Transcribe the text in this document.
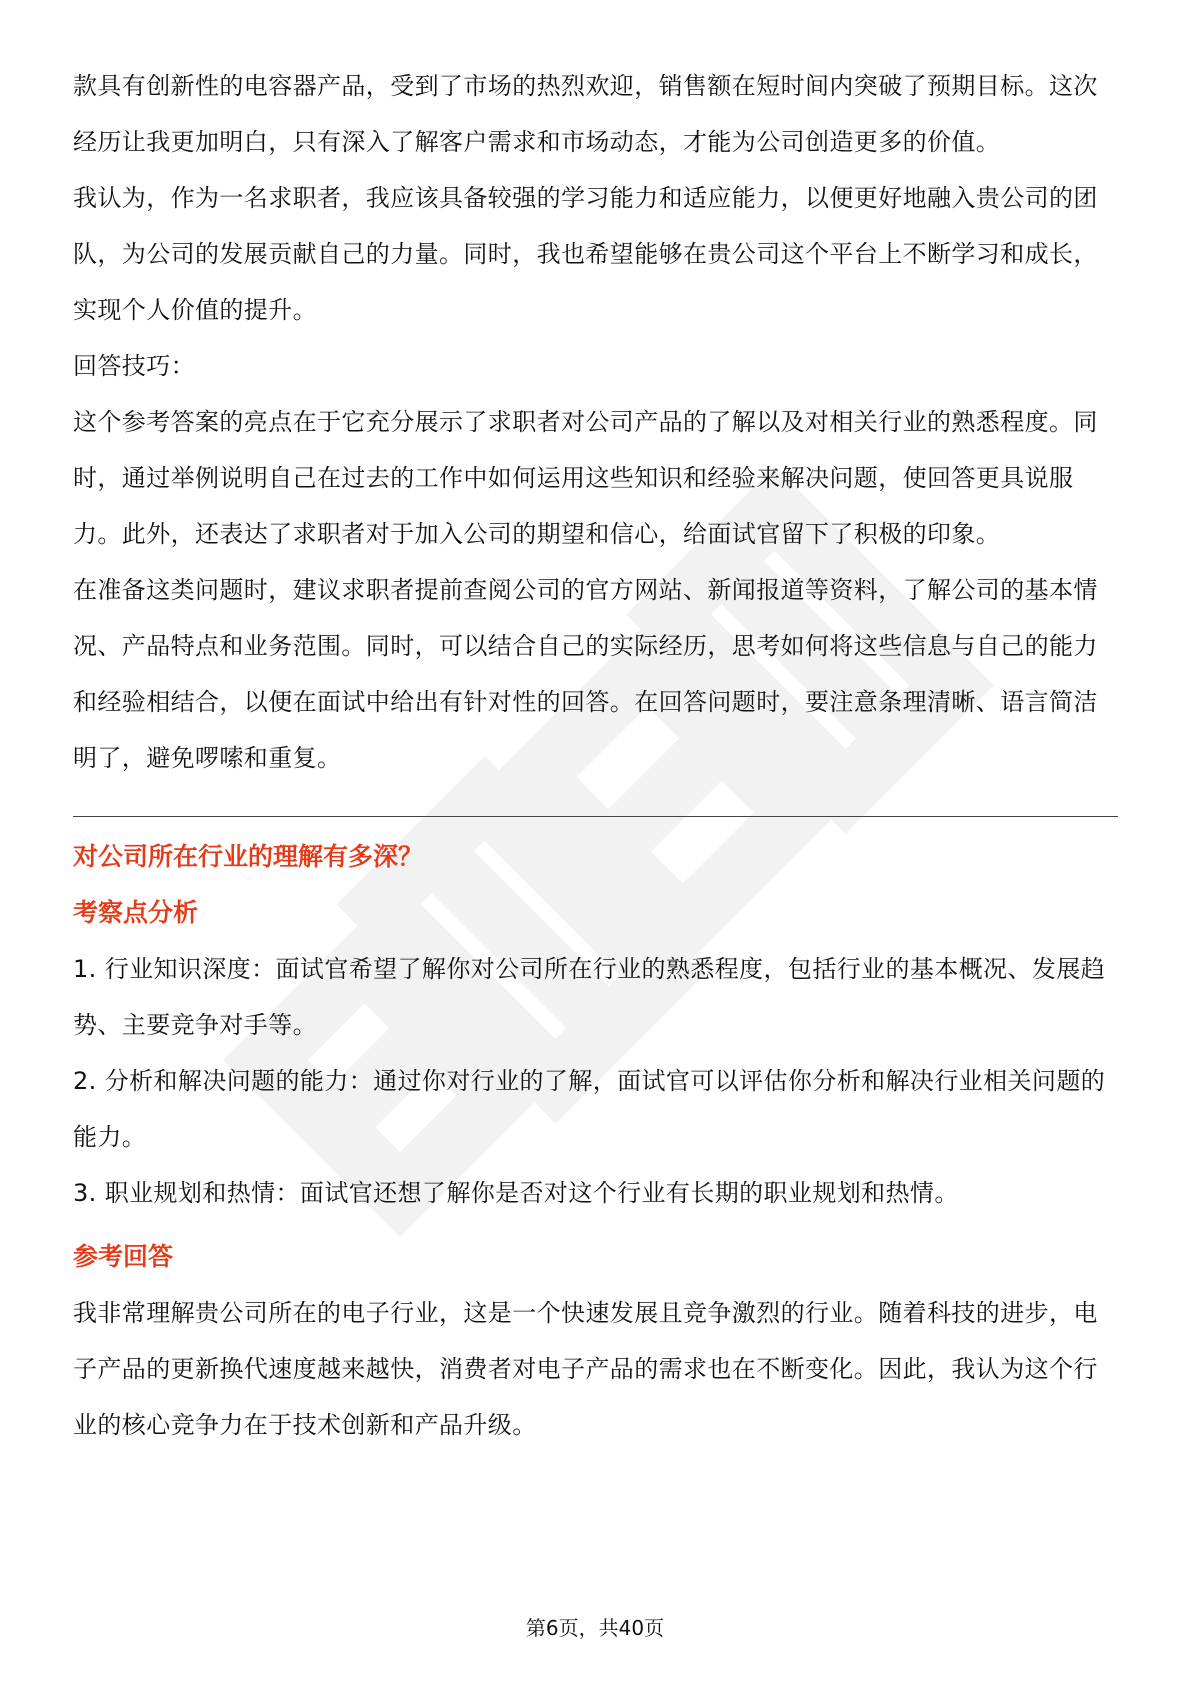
款具有创新性的电容器产品，受到了市场的热烈欢迎，销售额在短时间内突破了预期目标。这次经历让我更加明白，只有深入了解客户需求和市场动态，才能为公司创造更多的价值。

我认为，作为一名求职者，我应该具备较强的学习能力和适应能力，以便更好地融入贵公司的团队，为公司的发展贡献自己的力量。同时，我也希望能够在贵公司这个平台上不断学习和成长，实现个人价值的提升。

回答技巧：

这个参考答案的亮点在于它充分展示了求职者对公司产品的了解以及对相关行业的熟悉程度。同时，通过举例说明自己在过去的工作中如何运用这些知识和经验来解决问题，使回答更具说服力。此外，还表达了求职者对于加入公司的期望和信心，给面试官留下了积极的印象。

在准备这类问题时，建议求职者提前查阅公司的官方网站、新闻报道等资料，了解公司的基本情况、产品特点和业务范围。同时，可以结合自己的实际经历，思考如何将这些信息与自己的能力和经验相结合，以便在面试中给出有针对性的回答。在回答问题时，要注意条理清晰、语言简洁明了，避免啰嗦和重复。

对公司所在行业的理解有多深？
考察点分析

1. 行业知识深度：面试官希望了解你对公司所在行业的熟悉程度，包括行业的基本概况、发展趋势、主要竞争对手等。

2. 分析和解决问题的能力：通过你对行业的了解，面试官可以评估你分析和解决行业相关问题的能力。

3. 职业规划和热情：面试官还想了解你是否对这个行业有长期的职业规划和热情。

参考回答

我非常理解贵公司所在的电子行业，这是一个快速发展且竞争激烈的行业。随着科技的进步，电子产品的更新换代速度越来越快，消费者对电子产品的需求也在不断变化。因此，我认为这个行业的核心竞争力在于技术创新和产品升级。

第6页，共40页
